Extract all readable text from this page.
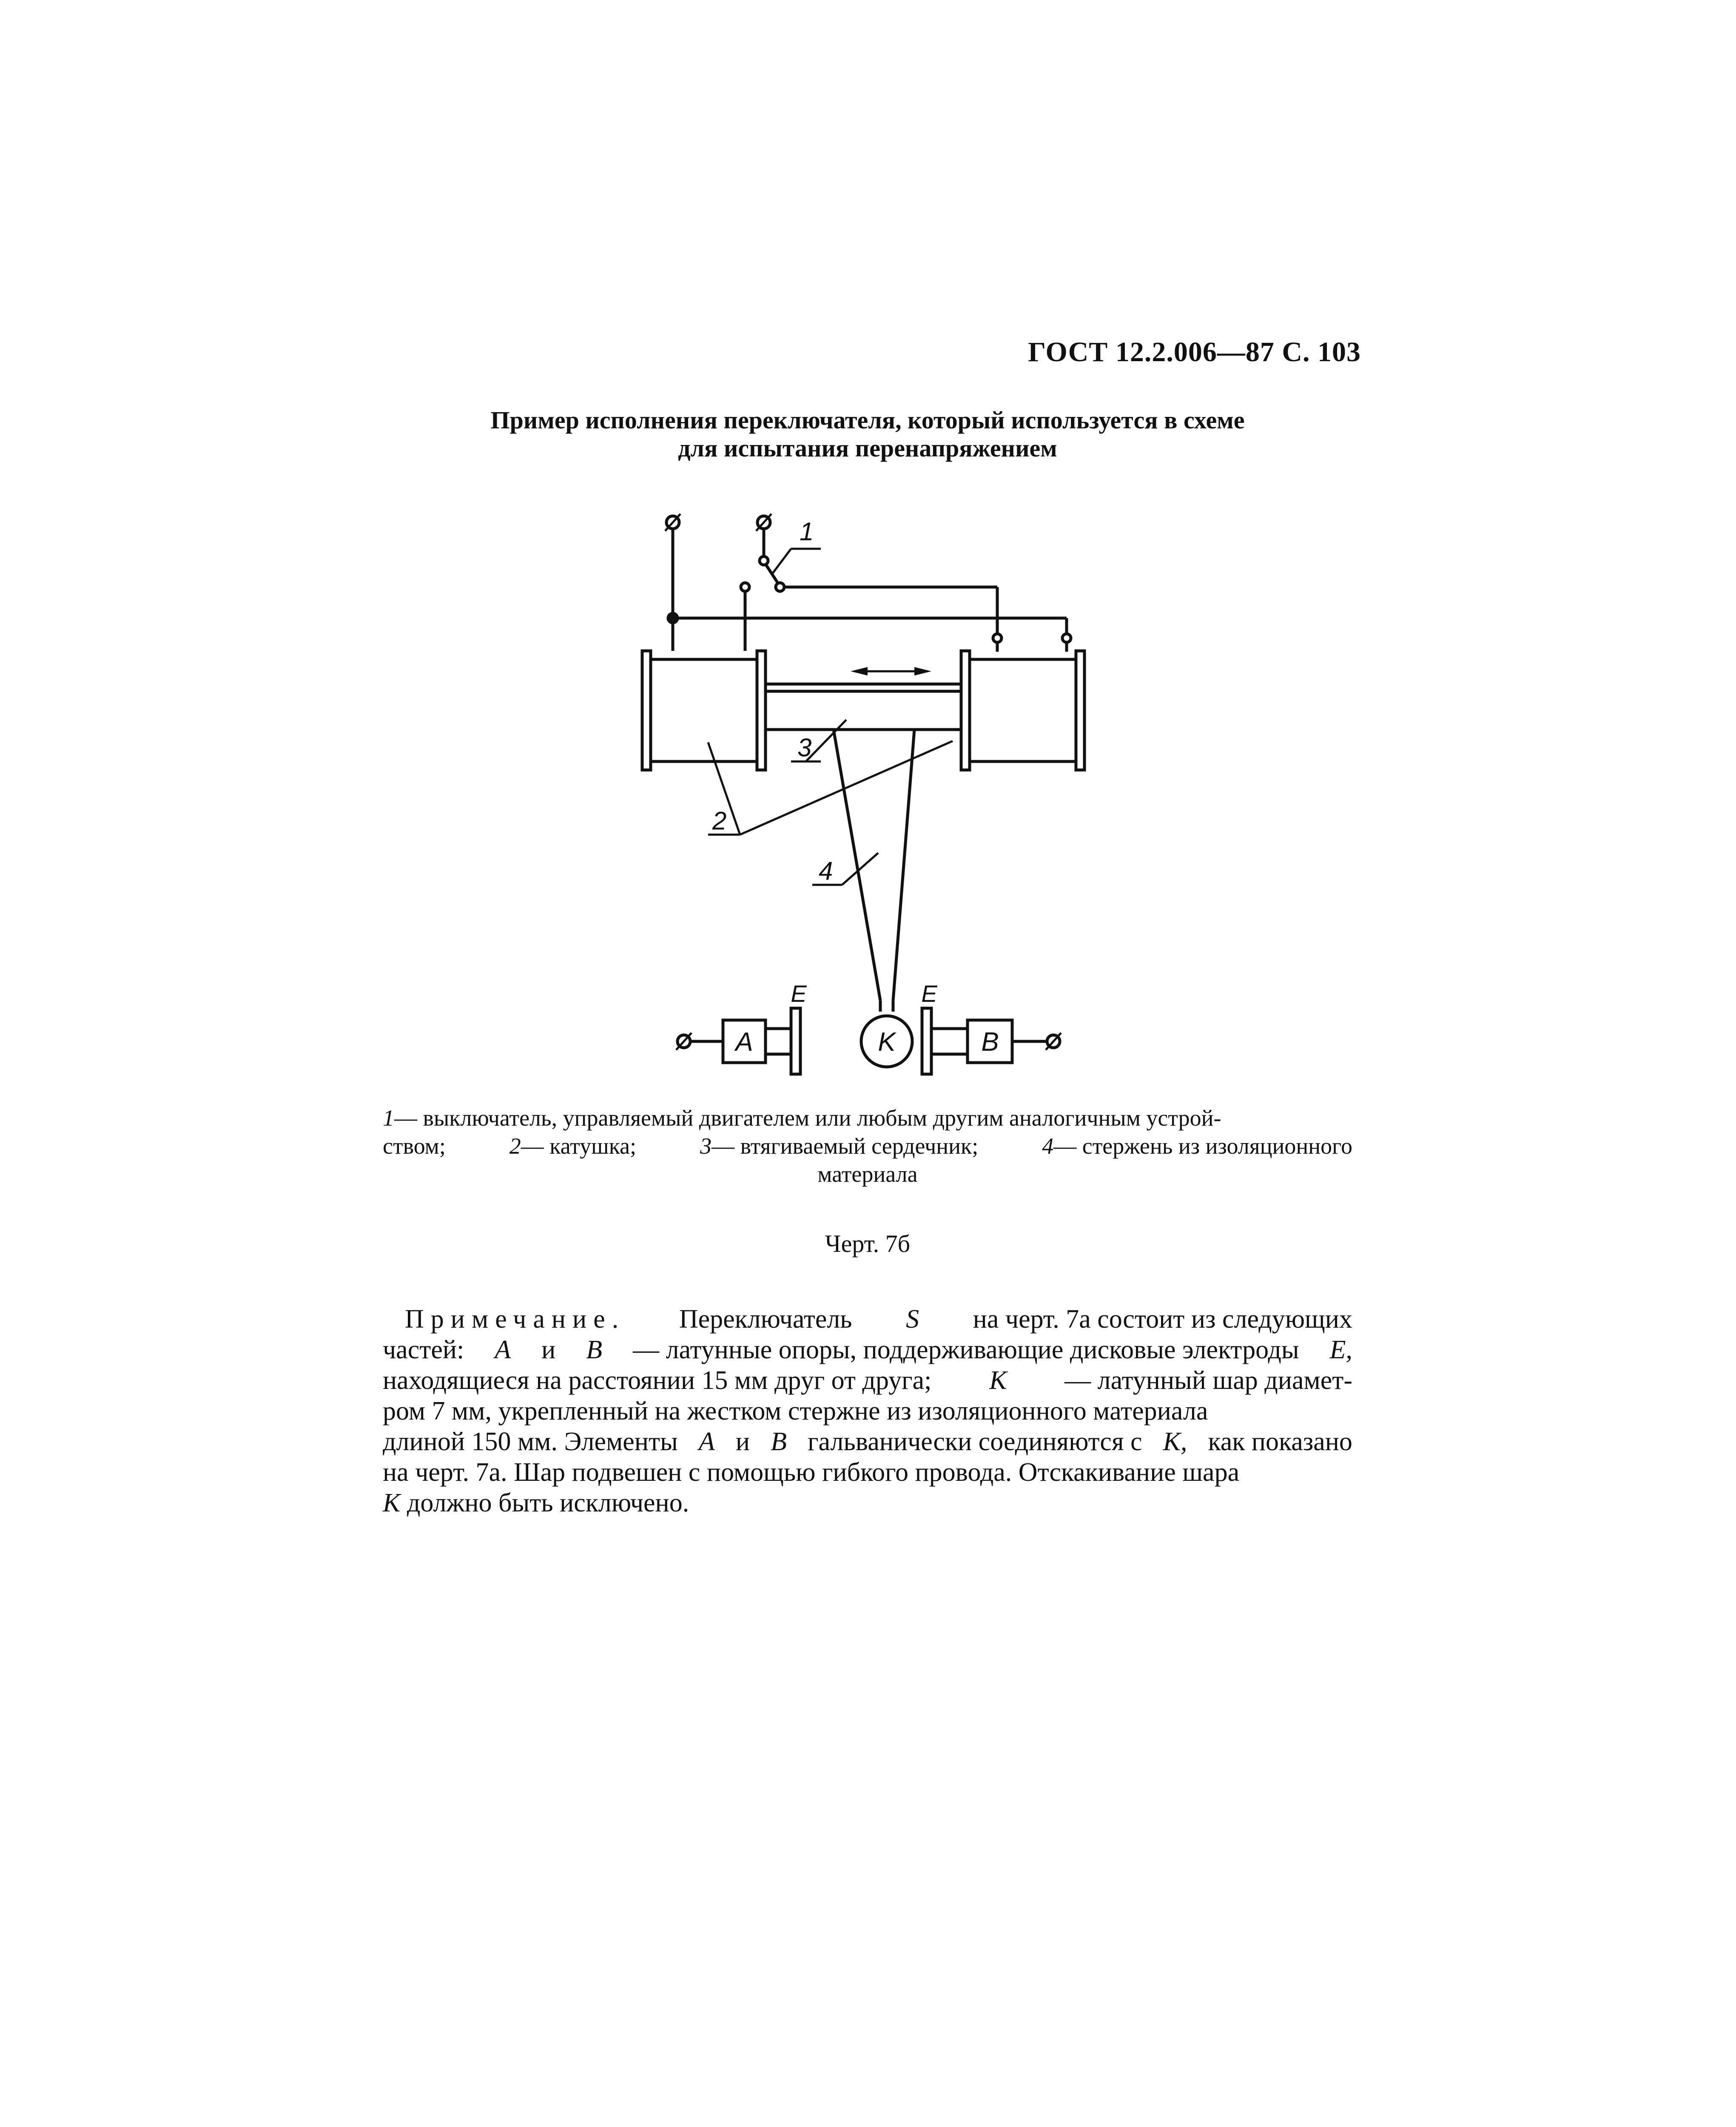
ГОСТ 12.2.006—87 С. 103
Пример исполнения переключателя, который используется в схеме
для испытания перенапряжением
1
3
2
4
K
A
E
B
E
1— выключатель, управляемый двигателем или любым другим аналогичным устрой-
ством;	2— катушка;	3— втягиваемый сердечник;	4— стержень из изоляционного
материала
Черт. 7б
Примечание. Переключатель S на черт. 7а состоит из следующих
частей: A и B — латунные опоры, поддерживающие дисковые электроды E,
находящиеся на расстоянии 15 мм друг от друга; K — латунный шар диамет-
ром 7 мм, укрепленный на жестком стержне из изоляционного материала
длиной 150 мм. Элементы A и B гальванически соединяются с K, как показано
на черт. 7а. Шар подвешен с помощью гибкого провода. Отскакивание шара
K
должно быть исключено.
